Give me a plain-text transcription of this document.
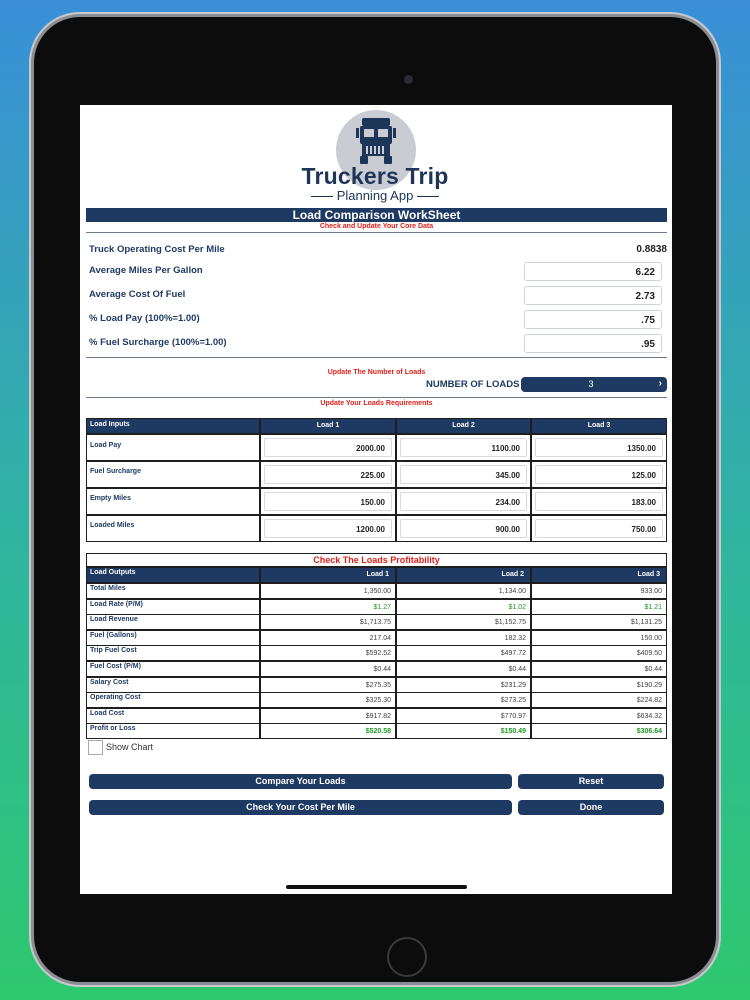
Truckers Trip
Planning App
Load Comparison WorkSheet
Check and Update Your Core Data
Truck Operating Cost Per Mile	0.8838
Average Miles Per Gallon	6.22
Average Cost Of Fuel	2.73
% Load Pay (100%=1.00)	.75
% Fuel Surcharge (100%=1.00)	.95
Update The Number of Loads
NUMBER OF LOADS	3	›
Update Your Loads Requirements
Load Inputs	Load 1	Load 2	Load 3
Load Pay	2000.00	1100.00	1350.00
Fuel Surcharge	225.00	345.00	125.00
Empty Miles	150.00	234.00	183.00
Loaded Miles	1200.00	900.00	750.00
Check The Loads Profitability
Load Outputs	Load 1	Load 2	Load 3
Total Miles	1,350.00	1,134.00	933.00
Load Rate (P/M)	$1.27	$1.02	$1.21
Load Revenue	$1,713.75	$1,152.75	$1,131.25
Fuel (Gallons)	217.04	182.32	150.00
Trip Fuel Cost	$592.52	$497.72	$409.50
Fuel Cost (P/M)	$0.44	$0.44	$0.44
Salary Cost	$275.35	$231.29	$190.29
Operating Cost	$325.30	$273.25	$224.82
Load Cost	$917.82	$770.97	$634.32
Profit or Loss	$520.58	$150.49	$306.64
Show Chart
Compare Your Loads	Reset
Check Your Cost Per Mile	Done
